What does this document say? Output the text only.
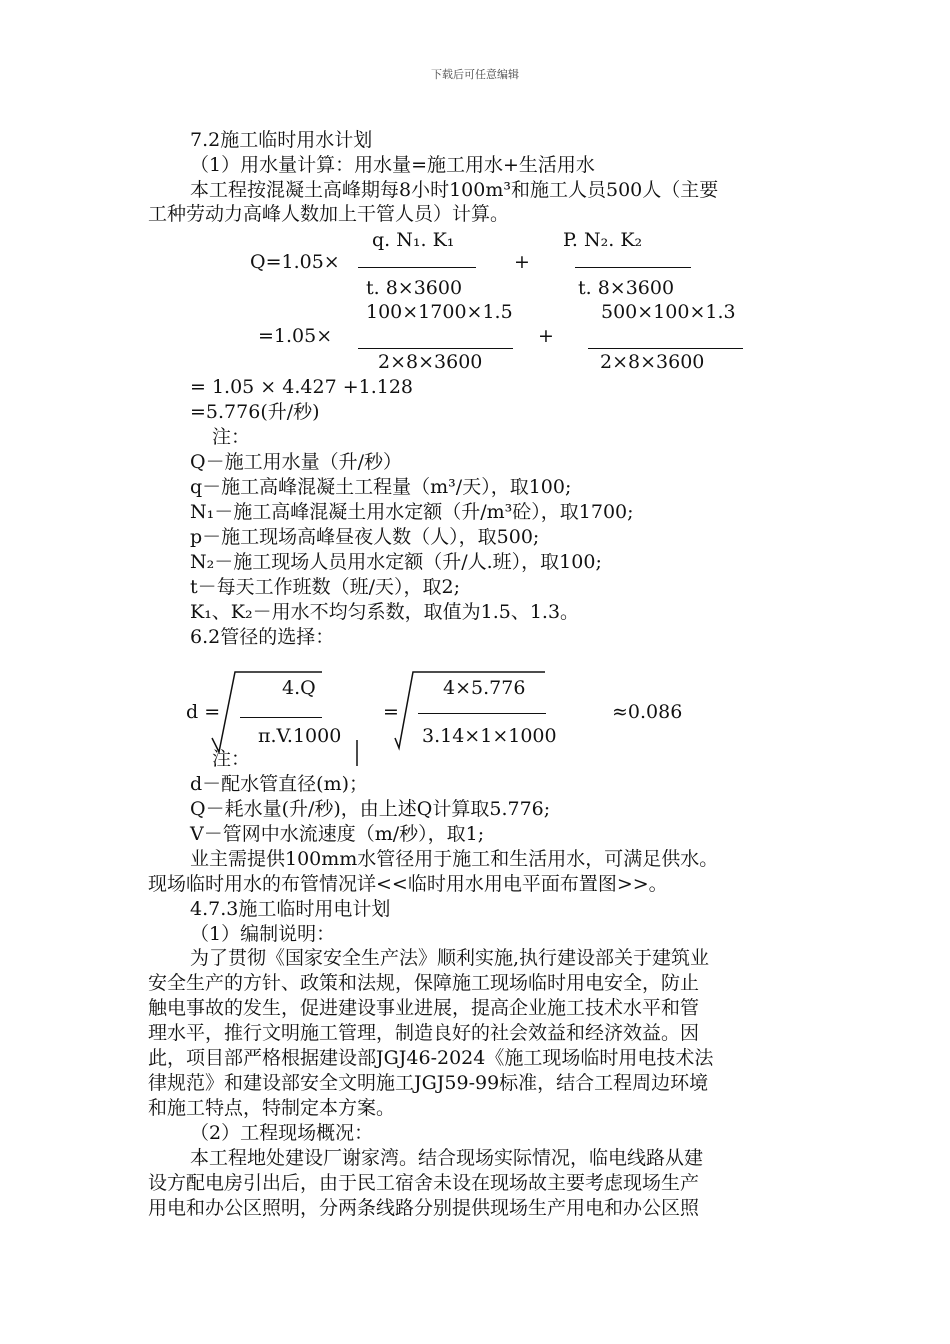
下载后可任意编辑
7.2施工临时用水计划
（1）用水量计算：用水量=施工用水+生活用水
本工程按混凝土高峰期每8小时100m³和施工人员500人（主要
工种劳动力高峰人数加上干管人员）计算。
q. N₁. K₁	P. N₂. K₂
Q=1.05×	+
t. 8×3600	t. 8×3600
100×1700×1.5	500×100×1.3
=1.05×	+
2×8×3600	2×8×3600
= 1.05 × 4.427 +1.128
=5.776(升/秒)
注：
Q－施工用水量（升/秒）
q－施工高峰混凝土工程量（m³/天），取100;
N₁－施工高峰混凝土用水定额（升/m³砼），取1700;
p－施工现场高峰昼夜人数（人），取500;
N₂－施工现场人员用水定额（升/人.班），取100;
t－每天工作班数（班/天），取2;
K₁、K₂－用水不均匀系数，取值为1.5、1.3。
6.2管径的选择：
4.Q	4×5.776
d =	=	≈0.086
π.V.1000	3.14×1×1000
注：
d－配水管直径(m)；
Q－耗水量(升/秒)，由上述Q计算取5.776;
V－管网中水流速度（m/秒），取1;
业主需提供100mm水管径用于施工和生活用水，可满足供水。
现场临时用水的布管情况详<<临时用水用电平面布置图>>。
4.7.3施工临时用电计划
（1）编制说明：
为了贯彻《国家安全生产法》顺利实施,执行建设部关于建筑业
安全生产的方针、政策和法规，保障施工现场临时用电安全，防止
触电事故的发生，促进建设事业进展，提高企业施工技术水平和管
理水平，推行文明施工管理，制造良好的社会效益和经济效益。因
此，项目部严格根据建设部JGJ46-2024《施工现场临时用电技术法
律规范》和建设部安全文明施工JGJ59-99标准，结合工程周边环境
和施工特点，特制定本方案。
（2）工程现场概况：
本工程地处建设厂谢家湾。结合现场实际情况，临电线路从建
设方配电房引出后，由于民工宿舍未设在现场故主要考虑现场生产
用电和办公区照明，分两条线路分别提供现场生产用电和办公区照
